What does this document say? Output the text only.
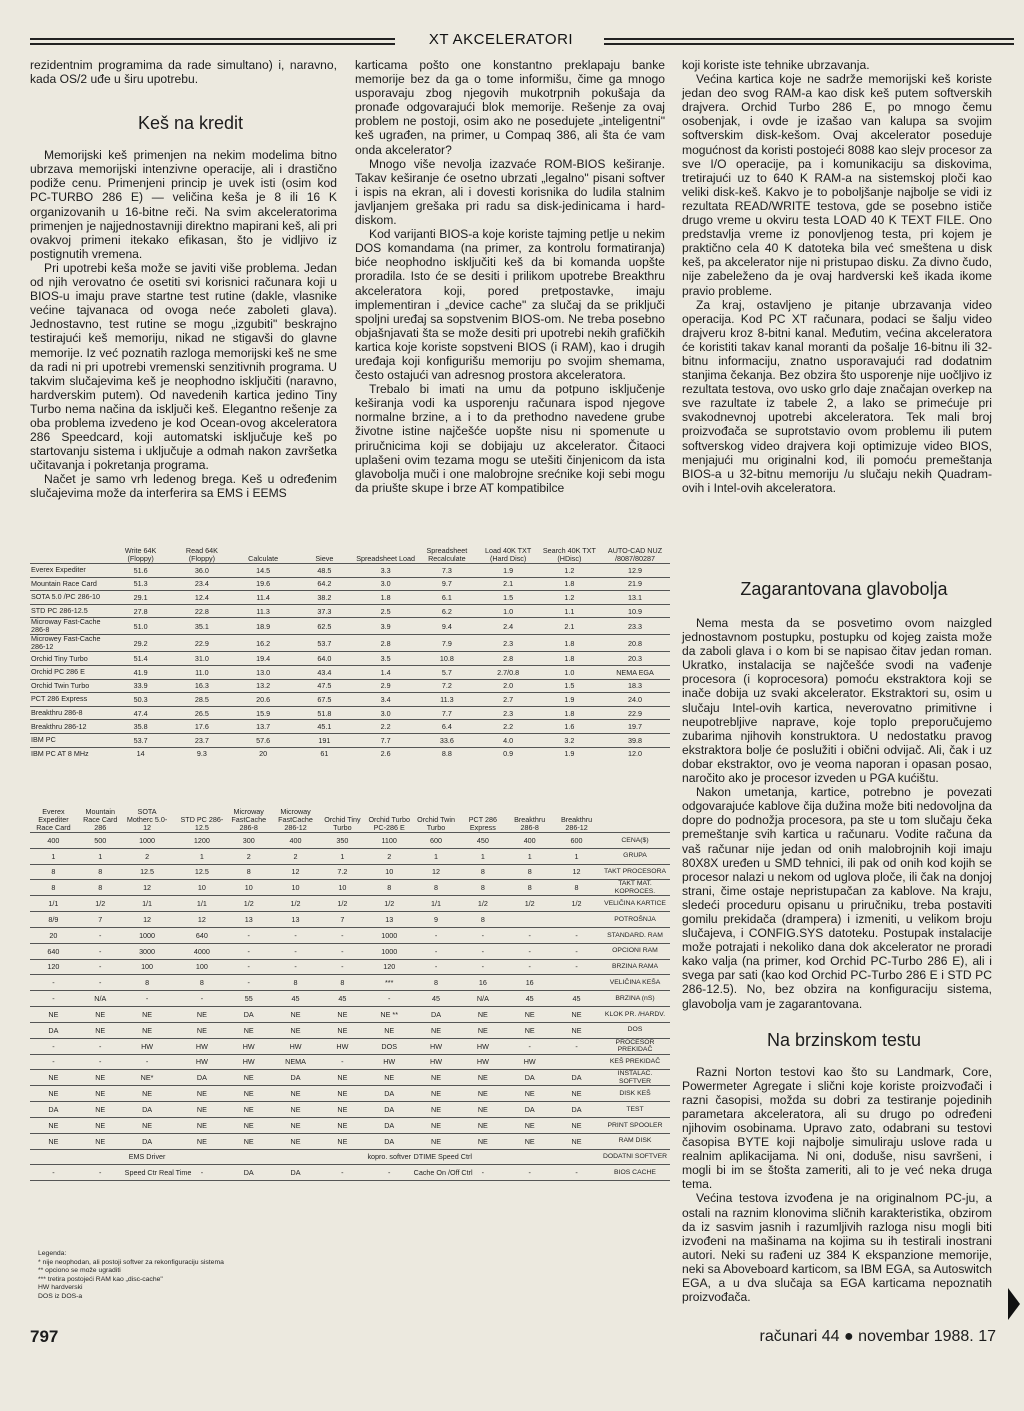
XT AKCELERATORI

rezidentnim programima da rade simultano) i, naravno, kada OS/2 uđe u širu upotrebu.

Keš na kredit

Memorijski keš primenjen na nekim modelima bitno ubrzava memorijski intenzivne operacije, ali i drastično podiže cenu. Primenjeni princip je uvek isti (osim kod PC-TURBO 286 E) — veličina keša je 8 ili 16 K organizovanih u 16-bitne reči. Na svim akceleratorima primenjen je najjednostavniji direktno mapirani keš, ali pri ovakvoj primeni itekako efikasan, što je vidljivo iz postignutih vremena.

Pri upotrebi keša može se javiti više problema. Jedan od njih verovatno će osetiti svi korisnici računara koji u BIOS-u imaju prave startne test rutine (dakle, vlasnike većine tajvanaca od ovoga neće zaboleti glava). Jednostavno, test rutine se mogu „izgubiti" beskrajno testirajući keš memoriju, nikad ne stigavši do glavne memorije. Iz već poznatih razloga memorijski keš ne sme da radi ni pri upotrebi vremenski senzitivnih programa. U takvim slučajevima keš je neophodno isključiti (naravno, hardverskim putem). Od navedenih kartica jedino Tiny Turbo nema načina da isključi keš. Elegantno rešenje za oba problema izvedeno je kod Ocean-ovog akceleratora 286 Speedcard, koji automatski isključuje keš po startovanju sistema i uključuje a odmah nakon završetka učitavanja i pokretanja programa.

Načet je samo vrh ledenog brega. Keš u određenim slučajevima može da interferira sa EMS i EEMS

karticama pošto one konstantno preklapaju banke memorije bez da ga o tome informišu, čime ga mnogo usporavaju zbog njegovih mukotrpnih pokušaja da pronađe odgovarajući blok memorije. Rešenje za ovaj problem ne postoji, osim ako ne posedujete „inteligentni" keš ugrađen, na primer, u Compaq 386, ali šta će vam onda akcelerator?

Mnogo više nevolja izazvaće ROM-BIOS keširanje. Takav keširanje će osetno ubrzati „legalno" pisani softver i ispis na ekran, ali i dovesti korisnika do ludila stalnim javljanjem grešaka pri radu sa disk-jedinicama i hard-diskom.

Kod varijanti BIOS-a koje koriste tajming petlje u nekim DOS komandama (na primer, za kontrolu formatiranja) biće neophodno isključiti keš da bi komanda uopšte proradila. Isto će se desiti i prilikom upotrebe Breakthru akceleratora koji, pored pretpostavke, imaju implementiran i „device cache" za slučaj da se priključi spoljni uređaj sa sopstvenim BIOS-om. Ne treba posebno objašnjavati šta se može desiti pri upotrebi nekih grafičkih kartica koje koriste sopstveni BIOS (i RAM), kao i drugih uređaja koji konfigurišu memoriju po svojim shemama, često ostajući van adresnog prostora akceleratora.

Trebalo bi imati na umu da potpuno isključenje keširanja vodi ka usporenju računara ispod njegove normalne brzine, a i to da prethodno navedene grube životne istine najčešće uopšte nisu ni spomenute u priručnicima koji se dobijaju uz akcelerator. Čitaoci uplašeni ovim tezama mogu se utešiti činjenicom da ista glavobolja muči i one malobrojne srećnike koji sebi mogu da priušte skupe i brze AT kompatibilce

koji koriste iste tehnike ubrzavanja.

Većina kartica koje ne sadrže memorijski keš koriste jedan deo svog RAM-a kao disk keš putem softverskih drajvera. Orchid Turbo 286 E, po mnogo čemu osobenjak, i ovde je izašao van kalupa sa svojim softverskim disk-kešom. Ovaj akcelerator poseduje mogućnost da koristi postojeći 8088 kao slejv procesor za sve I/O operacije, pa i komunikaciju sa diskovima, tretirajući uz to 640 K RAM-a na sistemskoj ploči kao veliki disk-keš. Kakvo je to poboljšanje najbolje se vidi iz rezultata READ/WRITE testova, gde se posebno ističe drugo vreme u okviru testa LOAD 40 K TEXT FILE. Ono predstavlja vreme iz ponovljenog testa, pri kojem je praktično cela 40 K datoteka bila već smeštena u disk keš, pa akcelerator nije ni pristupao disku. Za divno čudo, nije zabeleženo da je ovaj hardverski keš ikada ikome pravio probleme.

Za kraj, ostavljeno je pitanje ubrzavanja video operacija. Kod PC XT računara, podaci se šalju video drajveru kroz 8-bitni kanal. Međutim, većina akceleratora će koristiti takav kanal moranti da pošalje 16-bitnu ili 32-bitnu informaciju, znatno usporavajući rad dodatnim stanjima čekanja. Bez obzira što usporenje nije uočljivo iz rezultata testova, ovo usko grlo daje značajan overkep na sve razultate iz tabele 2, a lako se primećuje pri svakodnevnoj upotrebi akceleratora. Tek mali broj proizvođača se suprotstavio ovom problemu ili putem softverskog video drajvera koji optimizuje video BIOS, menjajući mu originalni kod, ili pomoću premeštanja BIOS-a u 32-bitnu memoriju /u slučaju nekih Quadram-ovih i Intel-ovih akceleratora.

Zagarantovana glavobolja

Nema mesta da se posvetimo ovom naizgled jednostavnom postupku, postupku od kojeg zaista može da zaboli glava i o kom bi se napisao čitav jedan roman. Ukratko, instalacija se najčešće svodi na vađenje procesora (i koprocesora) pomoću ekstraktora koji se inače dobija uz svaki akcelerator. Ekstraktori su, osim u slučaju Intel-ovih kartica, neverovatno primitivne i neupotrebljive naprave, koje toplo preporučujemo zubarima njihovih konstruktora. U nedostatku pravog ekstraktora bolje će poslužiti i obični odvijač. Ali, čak i uz dobar ekstraktor, ovo je veoma naporan i opasan posao, naročito ako je procesor izveden u PGA kućištu.

Nakon umetanja, kartice, potrebno je povezati odgovarajuće kablove čija dužina može biti nedovoljna da dopre do podnožja procesora, pa ste u tom slučaju čeka premeštanje svih kartica u računaru. Vodite računa da vaš računar nije jedan od onih malobrojnih koji imaju 80X8X uređen u SMD tehnici, ili pak od onih kod kojih se procesor nalazi u nekom od uglova ploče, ili čak na donjoj strani, čime ostaje nepristupačan za kablove. Na kraju, sledeći proceduru opisanu u priručniku, treba postaviti gomilu prekidača (drampera) i izmeniti, u velikom broju slučajeva, i CONFIG.SYS datoteku. Postupak instalacije može potrajati i nekoliko dana dok akcelerator ne proradi kako valja (na primer, kod Orchid PC-Turbo 286 E), ali i svega par sati (kao kod Orchid PC-Turbo 286 E i STD PC 286-12.5). No, bez obzira na konfiguraciju sistema, glavobolja vam je zagarantovana.

Na brzinskom testu

Razni Norton testovi kao što su Landmark, Core, Powermeter Agregate i slični koje koriste proizvođači i razni časopisi, možda su dobri za testiranje pojedinih parametara akceleratora, ali su drugo po određeni njihovim osobinama. Upravo zato, odabrani su testovi časopisa BYTE koji najbolje simuliraju uslove rada u realnim aplikacijama. Ni oni, doduše, nisu savršeni, i mogli bi im se štošta zameriti, ali to je već neka druga tema.

Većina testova izvođena je na originalnom PC-ju, a ostali na raznim klonovima sličnih karakteristika, obzirom da iz sasvim jasnih i razumljivih razloga nisu mogli biti izvođeni na mašinama na kojima su ih testirali inostrani autori. Neki su rađeni uz 384 K ekspanzione memorije, neki sa Aboveboard karticom, sa IBM EGA, sa Autoswitch EGA, a u dva slučaja sa EGA karticama nepoznatih proizvođača.

	Write 64K (Floppy)	Read 64K (Floppy)	Calculate	Sieve	Spreadsheet Load	Spreadsheet Recalculate	Load 40K TXT (Hard Disc)	Search 40K TXT (HDisc)	AUTO-CAD NUZ /8087/80287
Everex Expediter	51.6	36.0	14.5	48.5	3.3	7.3	1.9	1.2	12.9
Mountain Race Card	51.3	23.4	19.6	64.2	3.0	9.7	2.1	1.8	21.9
SOTA 5.0 /PC 286-10	29.1	12.4	11.4	38.2	1.8	6.1	1.5	1.2	13.1
STD PC 286-12.5	27.8	22.8	11.3	37.3	2.5	6.2	1.0	1.1	10.9
Microway Fast-Cache 286-8	51.0	35.1	18.9	62.5	3.9	9.4	2.4	2.1	23.3
Microwey Fast-Cache 286-12	29.2	22.9	16.2	53.7	2.8	7.9	2.3	1.8	20.8
Orchid Tiny Turbo	51.4	31.0	19.4	64.0	3.5	10.8	2.8	1.8	20.3
Orchid PC 286 E	41.9	11.0	13.0	43.4	1.4	5.7	2.7/0.8	1.0	NEMA EGA
Orchid Twin Turbo	33.9	16.3	13.2	47.5	2.9	7.2	2.0	1.5	18.3
PCT 286 Express	50.3	28.5	20.6	67.5	3.4	11.3	2.7	1.9	24.0
Breakthru 286-8	47.4	26.5	15.9	51.8	3.0	7.7	2.3	1.8	22.9
Breakthru 286-12	35.8	17.6	13.7	45.1	2.2	6.4	2.2	1.6	19.7
IBM PC	53.7	23.7	57.6	191	7.7	33.6	4.0	3.2	39.8
IBM PC AT 8 MHz	14	9.3	20	61	2.6	8.8	0.9	1.9	12.0
Everex Expediter Race Card	Mountain Race Card 286	SOTA Motherc 5.0-12		STD PC 286-12.5	Microway FastCache 286-8	Microway FastCache 286-12	Orchid Tiny Turbo	Orchid Turbo PC-286 E	Orchid Twin Turbo	PCT 286 Express	Breakthru 286-8	Breakthru 286-12	
400	500	1000		1200	300	400	350	1100	600	450	400	600	CENA($)
1	1	2		1	2	2	1	2	1	1	1	1	GRUPA
8	8	12.5		12.5	8	12	7.2	10	12	8	8	12	TAKT PROCESORA
8	8	12		10	10	10	10	8	8	8	8	8	TAKT MAT. KOPROCES.
1/1	1/2	1/1		1/1	1/2	1/2	1/2	1/2	1/1	1/2	1/2	1/2	VELIČINA KARTICE
8/9	7	12		12	13	13	7	13	9	8			POTROŠNJA
20	-	1000		640	-	-	-	1000	-	-	-	-	STANDARD. RAM
640	-	3000		4000	-	-	-	1000	-	-	-	-	OPCIONI RAM
120	-	100		100	-	-	-	120	-	-	-	-	BRZINA RAMA
-	-	8		8	-	8	8	***	8	16	16		VELIČINA KEŠA
-	N/A	-		-	55	45	45	-	45	N/A	45	45	BRZINA (nS)
NE	NE	NE		NE	DA	NE	NE	NE **	DA	NE	NE	NE	KLOK PR. /HARDV.
DA	NE	NE		NE	NE	NE	NE	NE	NE	NE	NE	NE	DOS
-	-	HW		HW	HW	HW	HW	DOS	HW	HW	-	-	PROCESOR PREKIDAČ
-	-	-		HW	HW	NEMA	-	HW	HW	HW	HW		KEŠ PREKIDAČ
NE	NE	NE*		DA	NE	DA	NE	NE	NE	NE	DA	DA	INSTALAC. SOFTVER
NE	NE	NE		NE	NE	NE	NE	DA	NE	NE	NE	NE	DISK KEŠ
DA	NE	DA		NE	NE	NE	NE	DA	NE	NE	DA	DA	TEST
NE	NE	NE		NE	NE	NE	NE	DA	NE	NE	NE	NE	PRINT SPOOLER
NE	NE	DA		NE	NE	NE	NE	DA	NE	NE	NE	NE	RAM DISK
		EMS Driver						kopro. softver	DTIME Speed Ctrl				DODATNI SOFTVER
-	-	Speed Ctr Real Time		-	DA	DA	-	-	Cache On /Off Ctrl	-	-	-	BIOS CACHE
Legenda:
* nije neophodan, ali postoji softver za rekonfiguraciju sistema
** opciono se može ugraditi
*** tretira postojeći RAM kao „disc-cache"
HW hardverski
DOS iz DOS-a
797	računari 44 ● novembar 1988. 17
